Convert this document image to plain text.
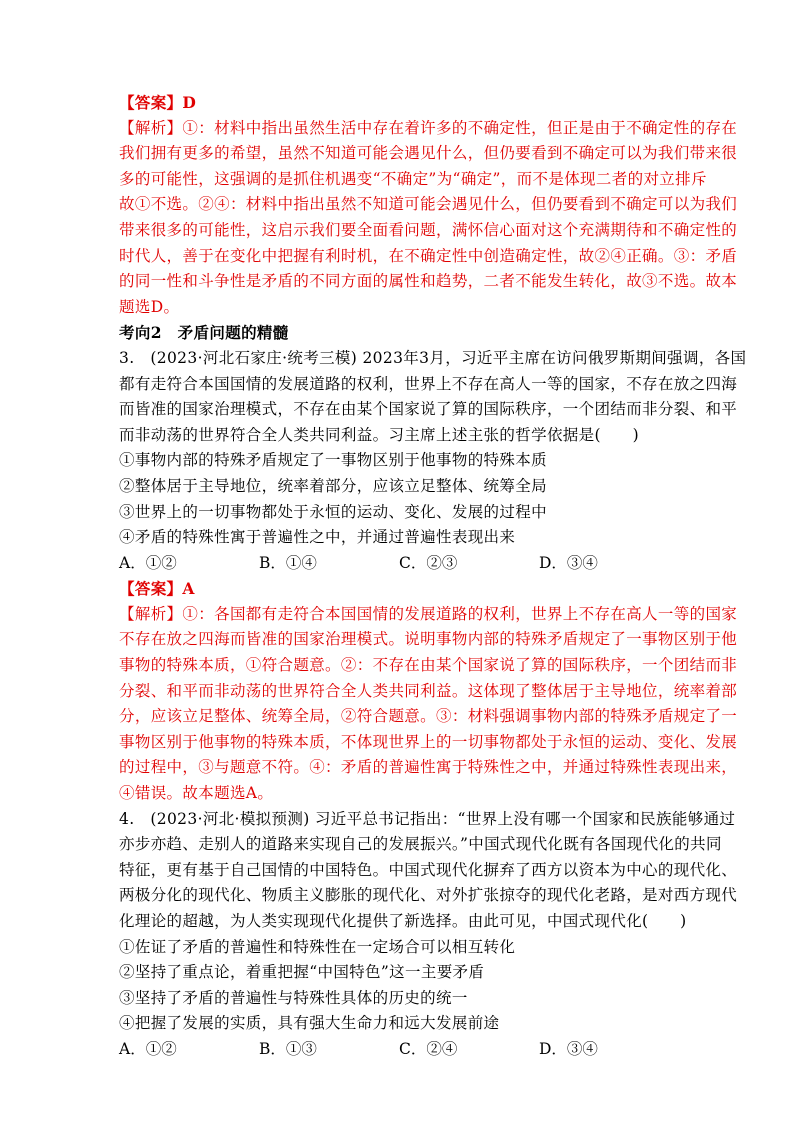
【答案】D
【解析】①：材料中指出虽然生活中存在着许多的不确定性，但正是由于不确定性的存在
我们拥有更多的希望，虽然不知道可能会遇见什么，但仍要看到不确定可以为我们带来很
多的可能性，这强调的是抓住机遇变“不确定”为“确定”，而不是体现二者的对立排斥
故①不选。②④：材料中指出虽然不知道可能会遇见什么，但仍要看到不确定可以为我们
带来很多的可能性，这启示我们要全面看问题，满怀信心面对这个充满期待和不确定性的
时代人，善于在变化中把握有利时机，在不确定性中创造确定性，故②④正确。③：矛盾
的同一性和斗争性是矛盾的不同方面的属性和趋势，二者不能发生转化，故③不选。故本
题选D。
考向2　矛盾问题的精髓
3.　(2023·河北石家庄·统考三模) 2023年3月，习近平主席在访问俄罗斯期间强调，各国
都有走符合本国国情的发展道路的权利，世界上不存在高人一等的国家，不存在放之四海
而皆准的国家治理模式，不存在由某个国家说了算的国际秩序，一个团结而非分裂、和平
而非动荡的世界符合全人类共同利益。习主席上述主张的哲学依据是(　　)
①事物内部的特殊矛盾规定了一事物区别于他事物的特殊本质
②整体居于主导地位，统率着部分，应该立足整体、统筹全局
③世界上的一切事物都处于永恒的运动、变化、发展的过程中
④矛盾的特殊性寓于普遍性之中，并通过普遍性表现出来
A．①②	B．①④	C．②③	D．③④
【答案】A
【解析】①：各国都有走符合本国国情的发展道路的权利，世界上不存在高人一等的国家
不存在放之四海而皆准的国家治理模式。说明事物内部的特殊矛盾规定了一事物区别于他
事物的特殊本质，①符合题意。②：不存在由某个国家说了算的国际秩序，一个团结而非
分裂、和平而非动荡的世界符合全人类共同利益。这体现了整体居于主导地位，统率着部
分，应该立足整体、统筹全局，②符合题意。③：材料强调事物内部的特殊矛盾规定了一
事物区别于他事物的特殊本质，不体现世界上的一切事物都处于永恒的运动、变化、发展
的过程中，③与题意不符。④：矛盾的普遍性寓于特殊性之中，并通过特殊性表现出来，
④错误。故本题选A。
4.　(2023·河北·模拟预测) 习近平总书记指出：“世界上没有哪一个国家和民族能够通过
亦步亦趋、走别人的道路来实现自己的发展振兴。”中国式现代化既有各国现代化的共同
特征，更有基于自己国情的中国特色。中国式现代化摒弃了西方以资本为中心的现代化、
两极分化的现代化、物质主义膨胀的现代化、对外扩张掠夺的现代化老路，是对西方现代
化理论的超越，为人类实现现代化提供了新选择。由此可见，中国式现代化(　　)
①佐证了矛盾的普遍性和特殊性在一定场合可以相互转化
②坚持了重点论，着重把握“中国特色”这一主要矛盾
③坚持了矛盾的普遍性与特殊性具体的历史的统一
④把握了发展的实质，具有强大生命力和远大发展前途
A．①②	B．①③	C．②④	D．③④
